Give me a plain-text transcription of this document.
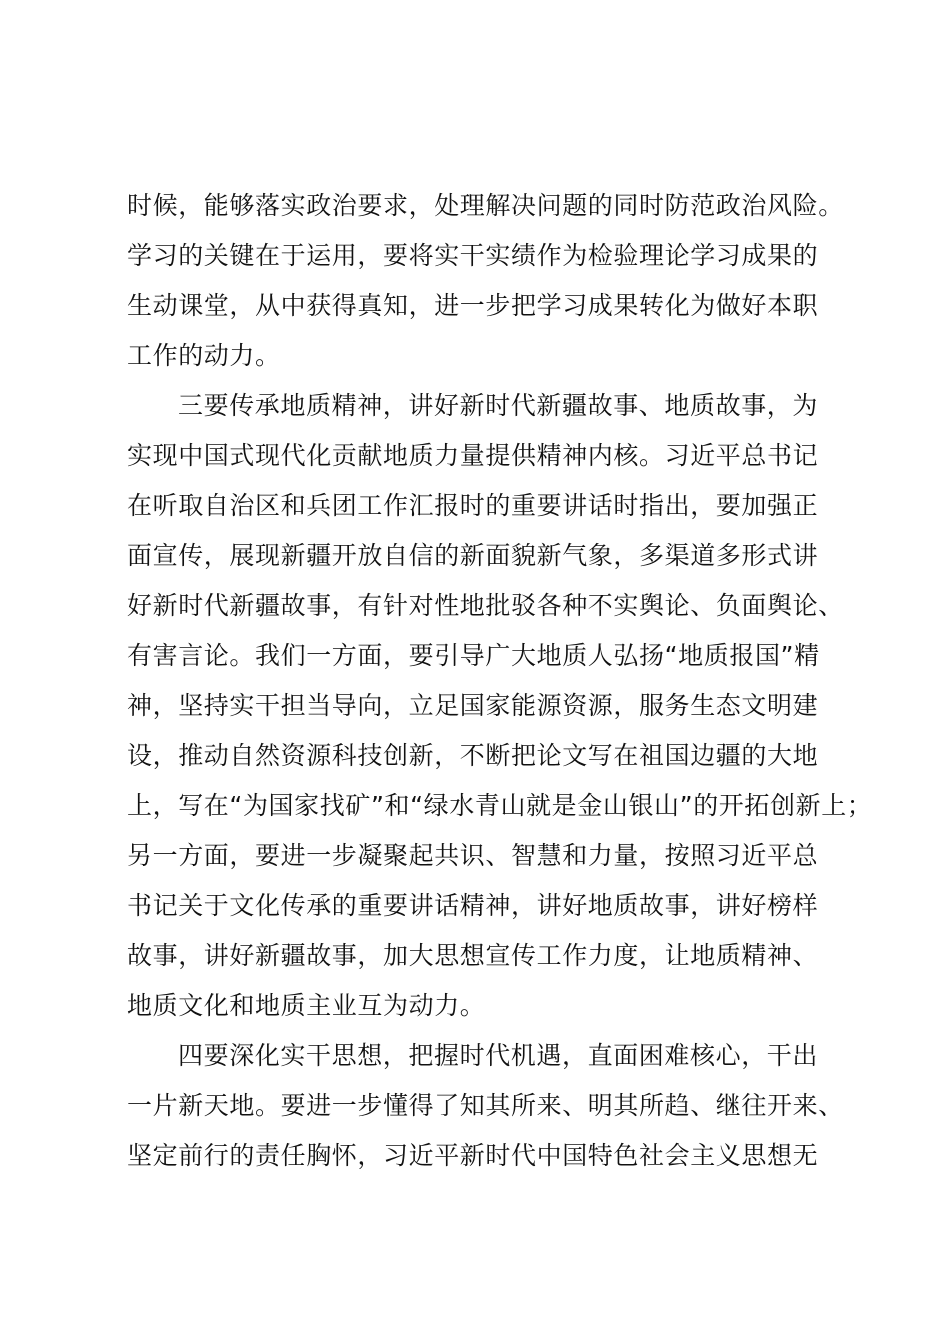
时候，能够落实政治要求，处理解决问题的同时防范政治风险。
学习的关键在于运用，要将实干实绩作为检验理论学习成果的
生动课堂，从中获得真知，进一步把学习成果转化为做好本职
工作的动力。
三要传承地质精神，讲好新时代新疆故事、地质故事，为
实现中国式现代化贡献地质力量提供精神内核。习近平总书记
在听取自治区和兵团工作汇报时的重要讲话时指出，要加强正
面宣传，展现新疆开放自信的新面貌新气象，多渠道多形式讲
好新时代新疆故事，有针对性地批驳各种不实舆论、负面舆论、
有害言论。我们一方面，要引导广大地质人弘扬“地质报国”精
神，坚持实干担当导向，立足国家能源资源，服务生态文明建
设，推动自然资源科技创新，不断把论文写在祖国边疆的大地
上，写在“为国家找矿”和“绿水青山就是金山银山”的开拓创新上；
另一方面，要进一步凝聚起共识、智慧和力量，按照习近平总
书记关于文化传承的重要讲话精神，讲好地质故事，讲好榜样
故事，讲好新疆故事，加大思想宣传工作力度，让地质精神、
地质文化和地质主业互为动力。
四要深化实干思想，把握时代机遇，直面困难核心，干出
一片新天地。要进一步懂得了知其所来、明其所趋、继往开来、
坚定前行的责任胸怀，习近平新时代中国特色社会主义思想无
